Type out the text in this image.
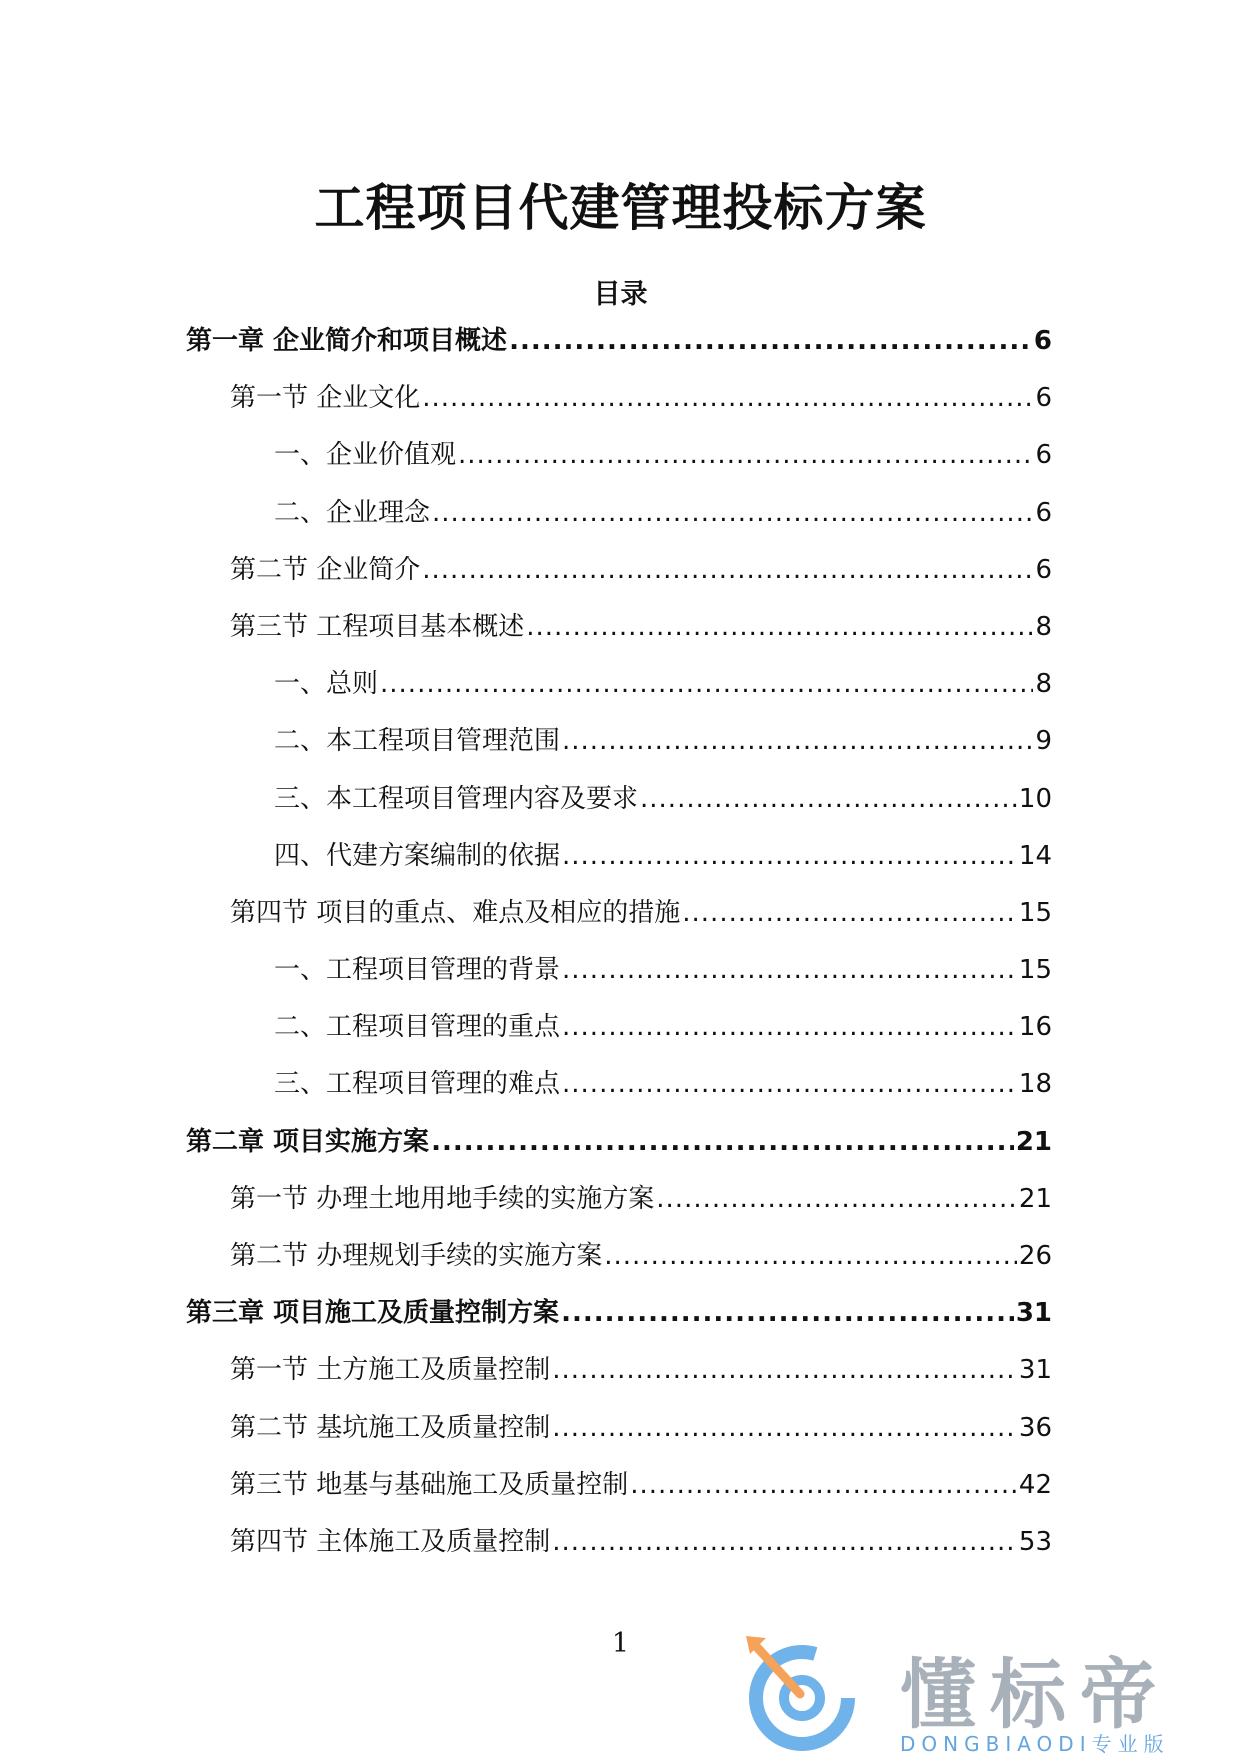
工程项目代建管理投标方案
目录
第一章 企业简介和项目概述 .....	6
第一节 企业文化 .....	6
一、企业价值观 .....	6
二、企业理念 .....	6
第二节 企业简介 .....	6
第三节 工程项目基本概述 .....	8
一、总则 .....	8
二、本工程项目管理范围 .....	9
三、本工程项目管理内容及要求 .....	10
四、代建方案编制的依据 .....	14
第四节 项目的重点、难点及相应的措施 .....	15
一、工程项目管理的背景 .....	15
二、工程项目管理的重点 .....	16
三、工程项目管理的难点 .....	18
第二章 项目实施方案 .....	21
第一节 办理土地用地手续的实施方案 .....	21
第二节 办理规划手续的实施方案 .....	26
第三章 项目施工及质量控制方案 .....	31
第一节 土方施工及质量控制 .....	31
第二节 基坑施工及质量控制 .....	36
第三节 地基与基础施工及质量控制 .....	42
第四节 主体施工及质量控制 .....	53
1
懂标帝
DONGBIAODI专业版
